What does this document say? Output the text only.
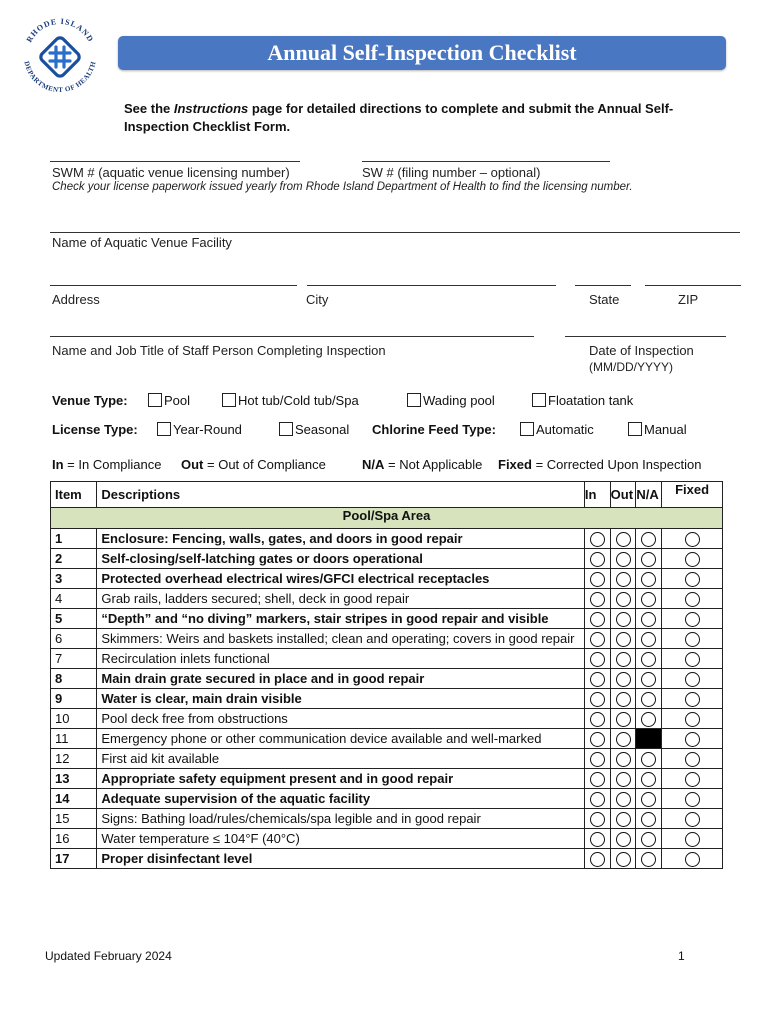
RHODE ISLAND
DEPARTMENT OF HEALTH	Annual Self-Inspection Checklist
See the Instructions page for detailed directions to complete and submit the Annual Self-Inspection Checklist Form.
SWM # (aquatic venue licensing number)	SW # (filing number – optional)
Check your license paperwork issued yearly from Rhode Island Department of Health to find the licensing number.
Name of Aquatic Venue Facility
Address	City	State	ZIP
Name and Job Title of Staff Person Completing Inspection	Date of Inspection
(MM/DD/YYYY)
Venue Type:	Pool	Hot tub/Cold tub/Spa	Wading pool	Floatation tank
License Type:	Year-Round	Seasonal Chlorine Feed Type:	Automatic	Manual
In = In Compliance Out = Out of Compliance	N/A = Not Applicable Fixed = Corrected Upon Inspection
Item	Descriptions	In	Out	N/A	Fixed
Pool/Spa Area					
1	Enclosure: Fencing, walls, gates, and doors in good repair				
2	Self-closing/self-latching gates or doors operational				
3	Protected overhead electrical wires/GFCI electrical receptacles				
4	Grab rails, ladders secured; shell, deck in good repair				
5	“Depth” and “no diving” markers, stair stripes in good repair and visible				
6	Skimmers: Weirs and baskets installed; clean and operating; covers in good repair				
7	Recirculation inlets functional				
8	Main drain grate secured in place and in good repair				
9	Water is clear, main drain visible				
10	Pool deck free from obstructions				
11	Emergency phone or other communication device available and well-marked				
12	First aid kit available				
13	Appropriate safety equipment present and in good repair				
14	Adequate supervision of the aquatic facility				
15	Signs: Bathing load/rules/chemicals/spa legible and in good repair				
16	Water temperature ≤ 104°F (40°C)				
17	Proper disinfectant level				
Updated February 2024	1
